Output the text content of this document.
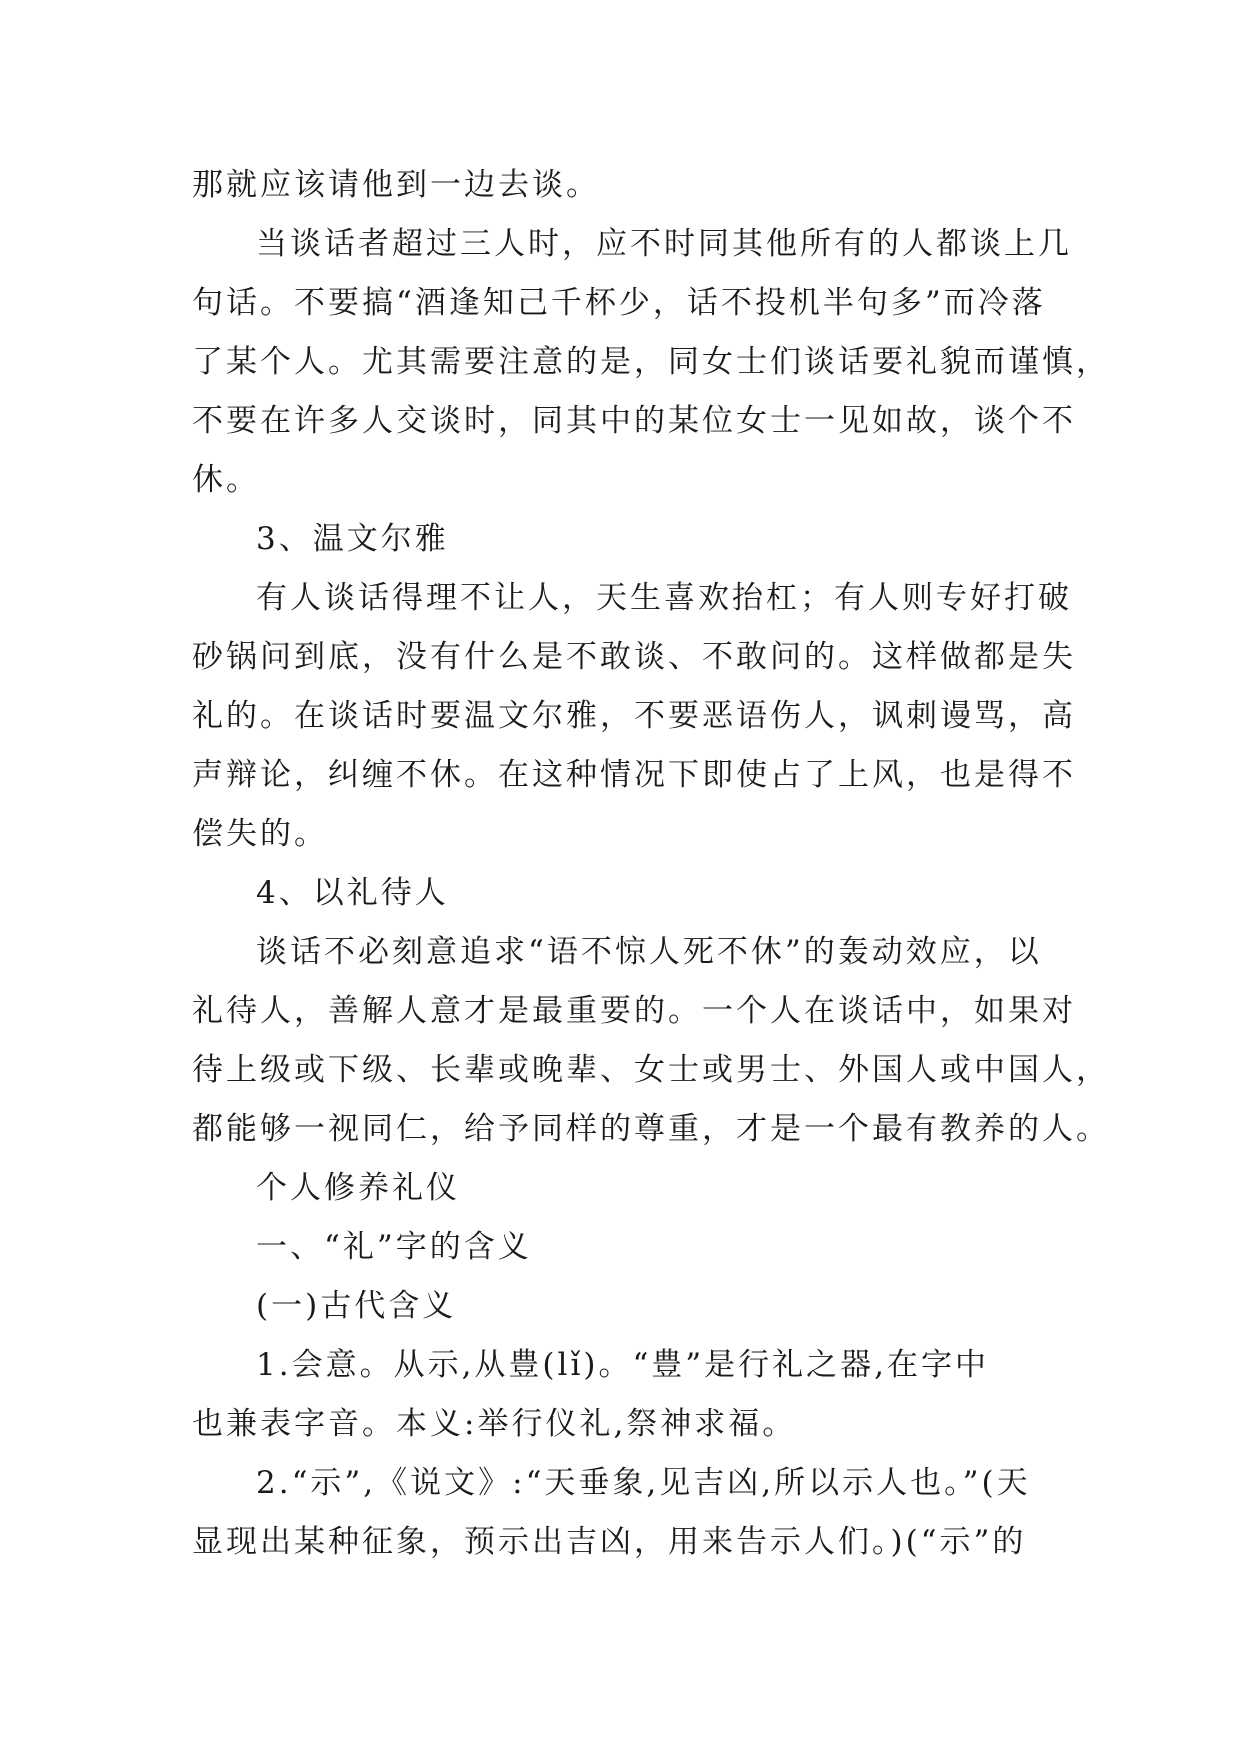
那就应该请他到一边去谈。

当谈话者超过三人时，应不时同其他所有的人都谈上几

句话。不要搞“酒逢知己千杯少，话不投机半句多”而冷落

了某个人。尤其需要注意的是，同女士们谈话要礼貌而谨慎，

不要在许多人交谈时，同其中的某位女士一见如故，谈个不

休。

3、温文尔雅

有人谈话得理不让人，天生喜欢抬杠；有人则专好打破

砂锅问到底，没有什么是不敢谈、不敢问的。这样做都是失

礼的。在谈话时要温文尔雅，不要恶语伤人，讽刺谩骂，高

声辩论，纠缠不休。在这种情况下即使占了上风，也是得不

偿失的。

4、以礼待人

谈话不必刻意追求“语不惊人死不休”的轰动效应，以

礼待人，善解人意才是最重要的。一个人在谈话中，如果对

待上级或下级、长辈或晚辈、女士或男士、外国人或中国人，

都能够一视同仁，给予同样的尊重，才是一个最有教养的人。

个人修养礼仪

一、“礼”字的含义

(一)古代含义

1.会意。从示,从豊(lǐ)。“豊”是行礼之器,在字中

也兼表字音。本义:举行仪礼,祭神求福。

2.“示”,《说文》:“天垂象,见吉凶,所以示人也。”(天

显现出某种征象，预示出吉凶，用来告示人们。)(“示”的
